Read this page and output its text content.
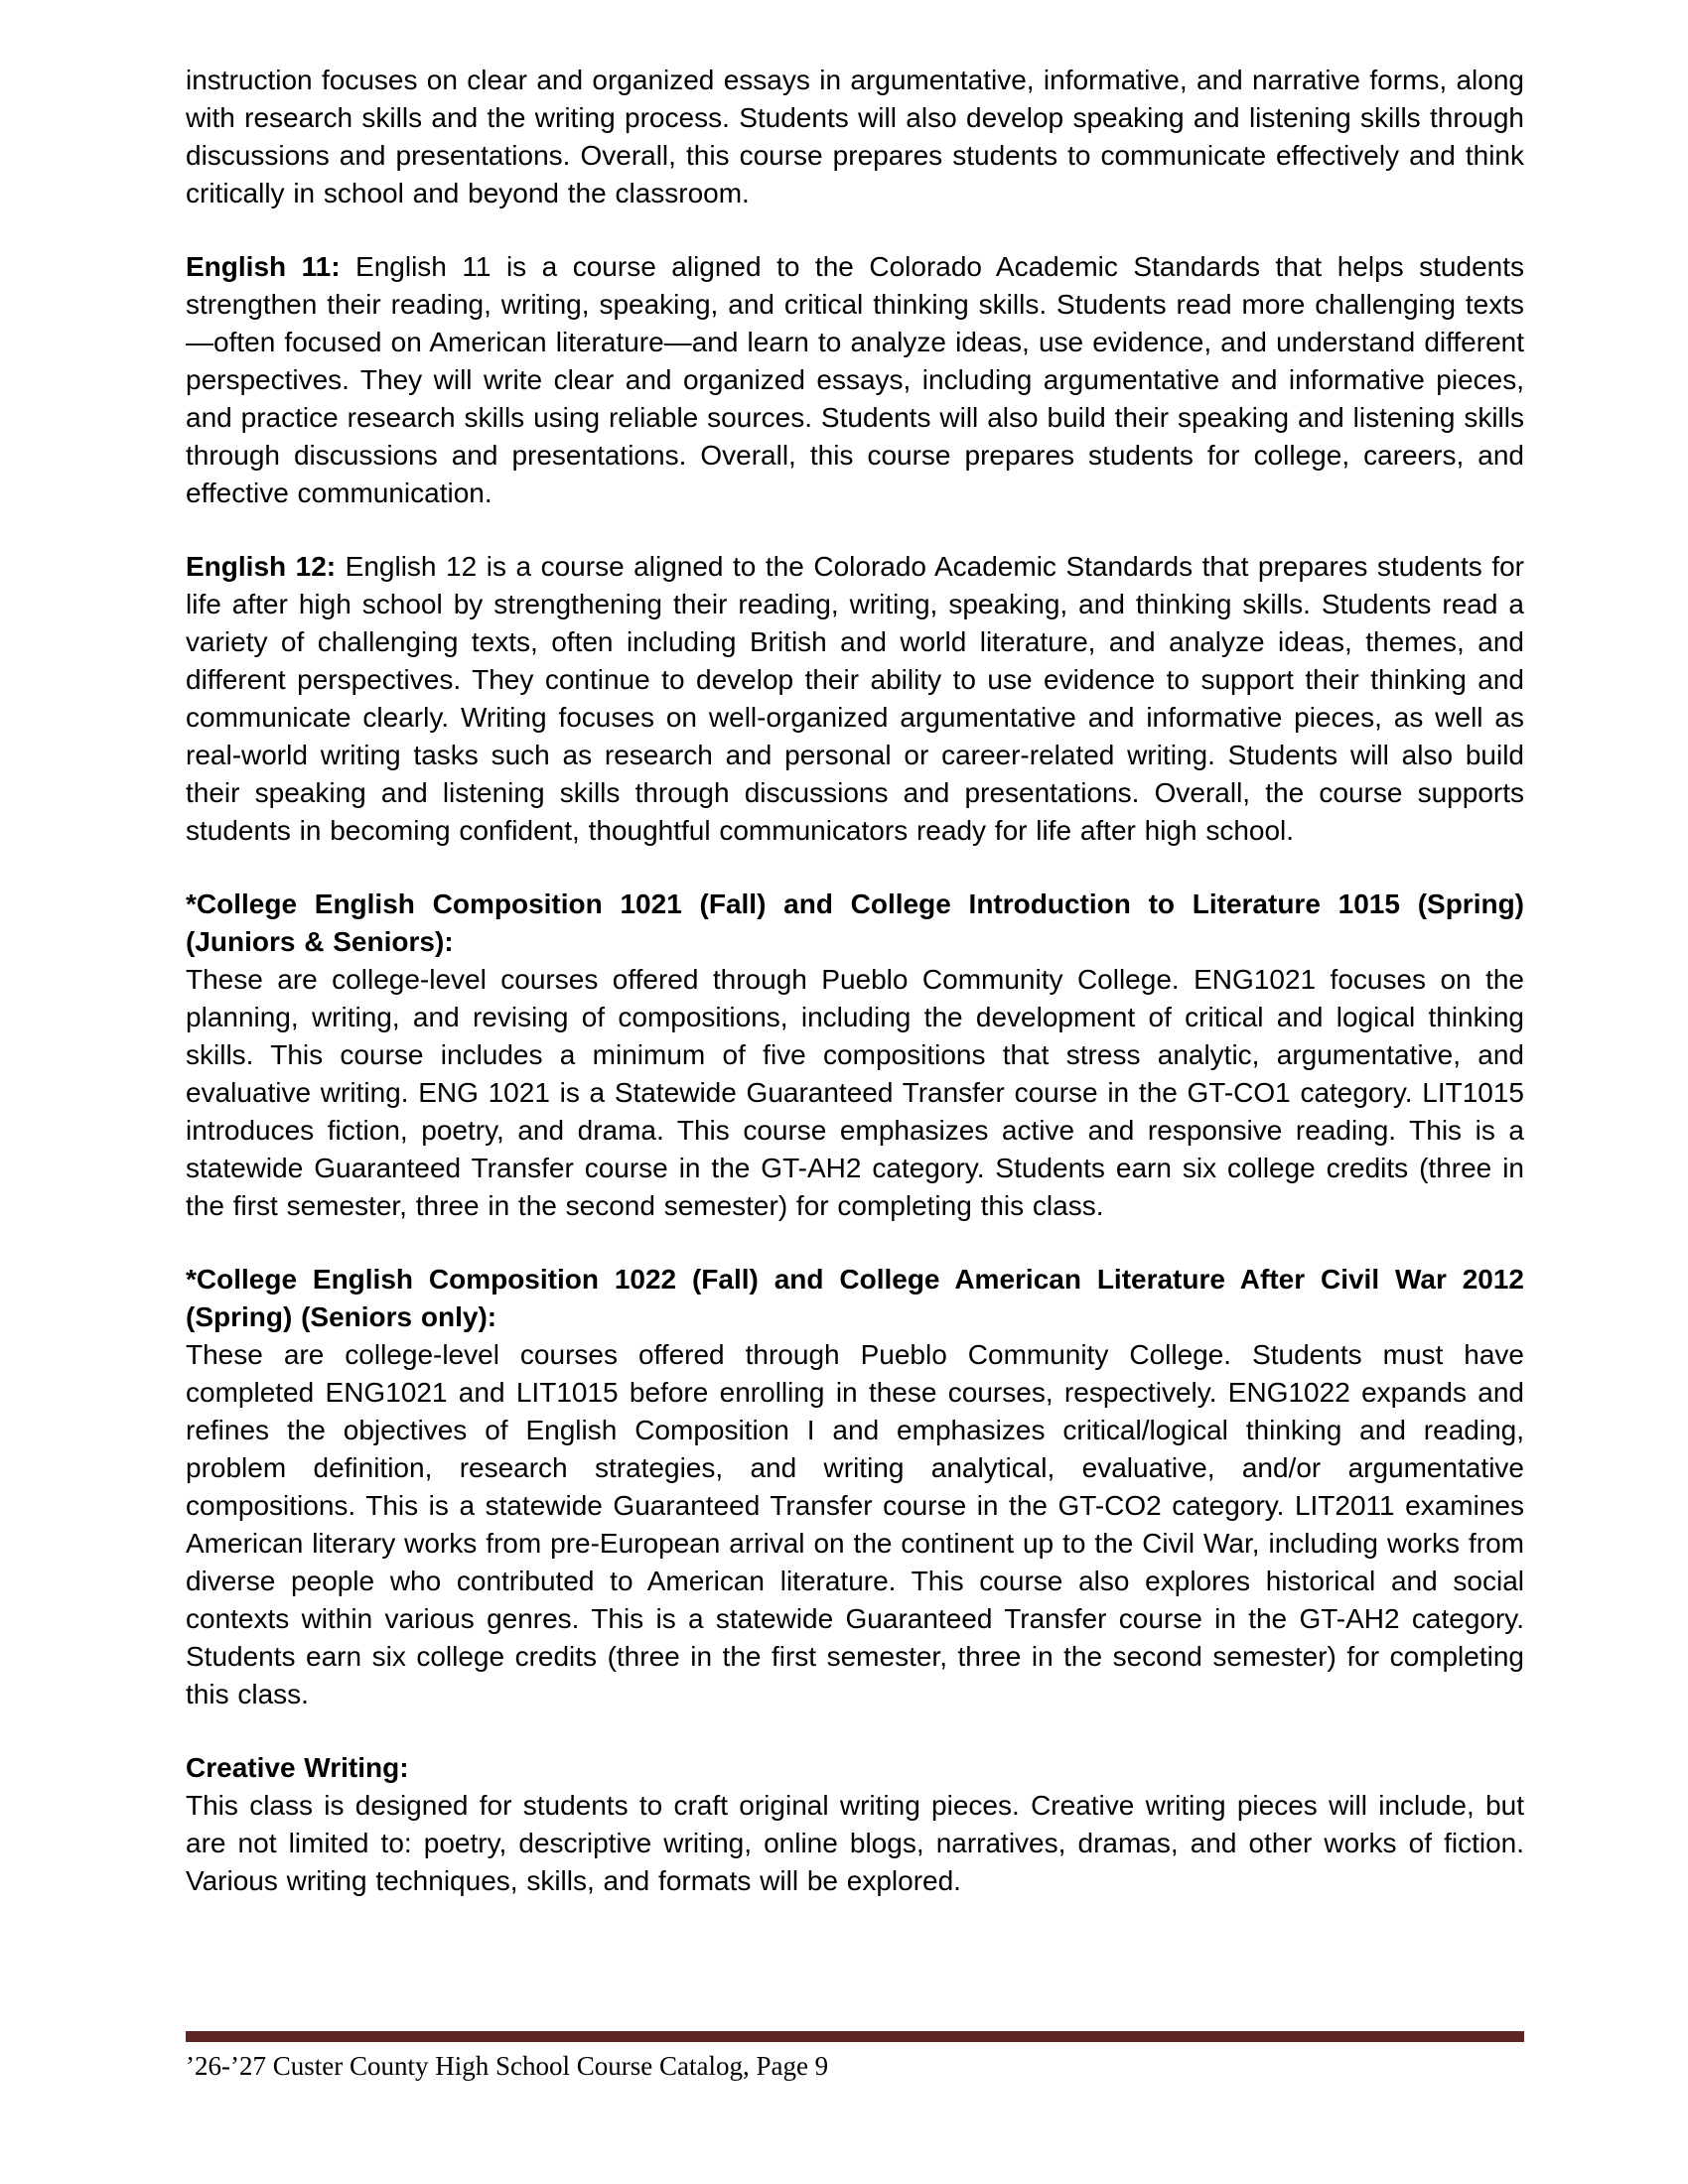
instruction focuses on clear and organized essays in argumentative, informative, and narrative forms, along with research skills and the writing process. Students will also develop speaking and listening skills through discussions and presentations. Overall, this course prepares students to communicate effectively and think critically in school and beyond the classroom.

English 11: English 11 is a course aligned to the Colorado Academic Standards that helps students strengthen their reading, writing, speaking, and critical thinking skills. Students read more challenging texts—often focused on American literature—and learn to analyze ideas, use evidence, and understand different perspectives. They will write clear and organized essays, including argumentative and informative pieces, and practice research skills using reliable sources. Students will also build their speaking and listening skills through discussions and presentations. Overall, this course prepares students for college, careers, and effective communication.

English 12: English 12 is a course aligned to the Colorado Academic Standards that prepares students for life after high school by strengthening their reading, writing, speaking, and thinking skills. Students read a variety of challenging texts, often including British and world literature, and analyze ideas, themes, and different perspectives. They continue to develop their ability to use evidence to support their thinking and communicate clearly. Writing focuses on well-organized argumentative and informative pieces, as well as real-world writing tasks such as research and personal or career-related writing. Students will also build their speaking and listening skills through discussions and presentations. Overall, the course supports students in becoming confident, thoughtful communicators ready for life after high school.

*College English Composition 1021 (Fall) and College Introduction to Literature 1015 (Spring) (Juniors & Seniors):

These are college-level courses offered through Pueblo Community College. ENG1021 focuses on the planning, writing, and revising of compositions, including the development of critical and logical thinking skills. This course includes a minimum of five compositions that stress analytic, argumentative, and evaluative writing. ENG 1021 is a Statewide Guaranteed Transfer course in the GT-CO1 category. LIT1015 introduces fiction, poetry, and drama. This course emphasizes active and responsive reading. This is a statewide Guaranteed Transfer course in the GT-AH2 category. Students earn six college credits (three in the first semester, three in the second semester) for completing this class.

*College English Composition 1022 (Fall) and College American Literature After Civil War 2012 (Spring) (Seniors only):

These are college-level courses offered through Pueblo Community College. Students must have completed ENG1021 and LIT1015 before enrolling in these courses, respectively. ENG1022 expands and refines the objectives of English Composition I and emphasizes critical/logical thinking and reading, problem definition, research strategies, and writing analytical, evaluative, and/or argumentative compositions. This is a statewide Guaranteed Transfer course in the GT-CO2 category. LIT2011 examines American literary works from pre-European arrival on the continent up to the Civil War, including works from diverse people who contributed to American literature. This course also explores historical and social contexts within various genres. This is a statewide Guaranteed Transfer course in the GT-AH2 category. Students earn six college credits (three in the first semester, three in the second semester) for completing this class.

Creative Writing:

This class is designed for students to craft original writing pieces. Creative writing pieces will include, but are not limited to: poetry, descriptive writing, online blogs, narratives, dramas, and other works of fiction. Various writing techniques, skills, and formats will be explored.

’26-’27 Custer County High School Course Catalog, Page 9
